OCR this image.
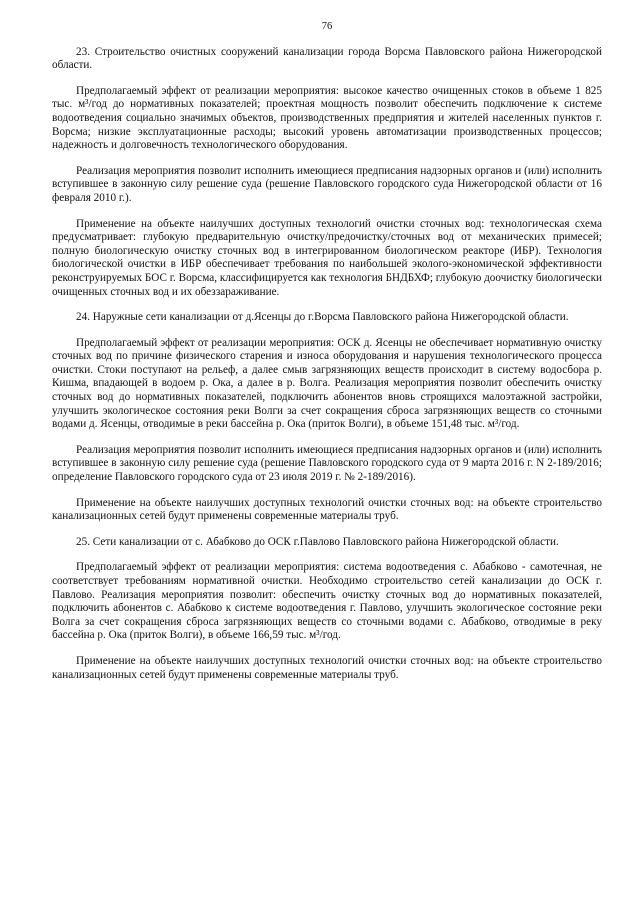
76

23. Строительство очистных сооружений канализации города Ворсма Павловского района Нижегородской области.

Предполагаемый эффект от реализации мероприятия: высокое качество очищенных стоков в объеме 1 825 тыс. м³/год до нормативных показателей; проектная мощность позволит обеспечить подключение к системе водоотведения социально значимых объектов, производственных предприятия и жителей населенных пунктов г. Ворсма; низкие эксплуатационные расходы; высокий уровень автоматизации производственных процессов; надежность и долговечность технологического оборудования.

Реализация мероприятия позволит исполнить имеющиеся предписания надзорных органов и (или) исполнить вступившее в законную силу решение суда (решение Павловского городского суда Нижегородской области от 16 февраля 2010 г.).

Применение на объекте наилучших доступных технологий очистки сточных вод: технологическая схема предусматривает: глубокую предварительную очистку/предочистку/сточных вод от механических примесей; полную биологическую очистку сточных вод в интегрированном биологическом реакторе (ИБР). Технология биологической очистки в ИБР обеспечивает требования по наибольшей эколого-экономической эффективности реконструируемых БОС г. Ворсма, классифицируется как технология БНДБХФ; глубокую доочистку биологически очищенных сточных вод и их обеззараживание.

24. Наружные сети канализации от д.Ясенцы до г.Ворсма Павловского района Нижегородской области.

Предполагаемый эффект от реализации мероприятия: ОСК д. Ясенцы не обеспечивает нормативную очистку сточных вод по причине физического старения и износа оборудования и нарушения технологического процесса очистки. Стоки поступают на рельеф, а далее смыв загрязняющих веществ происходит в систему водосбора р. Кишма, впадающей в водоем р. Ока, а далее в р. Волга. Реализация мероприятия позволит обеспечить очистку сточных вод до нормативных показателей, подключить абонентов вновь строящихся малоэтажной застройки, улучшить экологическое состояния реки Волги за счет сокращения сброса загрязняющих веществ со сточными водами д. Ясенцы, отводимые в реки бассейна р. Ока (приток Волги), в объеме 151,48 тыс. м³/год.

Реализация мероприятия позволит исполнить имеющиеся предписания надзорных органов и (или) исполнить вступившее в законную силу решение суда (решение Павловского городского суда от 9 марта 2016 г. N 2-189/2016; определение Павловского городского суда от 23 июля 2019 г. № 2-189/2016).

Применение на объекте наилучших доступных технологий очистки сточных вод: на объекте строительство канализационных сетей будут применены современные материалы труб.

25. Сети канализации от с. Абабково до ОСК г.Павлово Павловского района Нижегородской области.

Предполагаемый эффект от реализации мероприятия: система водоотведения с. Абабково - самотечная, не соответствует требованиям нормативной очистки. Необходимо строительство сетей канализации до ОСК г. Павлово. Реализация мероприятия позволит: обеспечить очистку сточных вод до нормативных показателей, подключить абонентов с. Абабково к системе водоотведения г. Павлово, улучшить экологическое состояние реки Волга за счет сокращения сброса загрязняющих веществ со сточными водами с. Абабково, отводимые в реку бассейна р. Ока (приток Волги), в объеме 166,59 тыс. м³/год.

Применение на объекте наилучших доступных технологий очистки сточных вод: на объекте строительство канализационных сетей будут применены современные материалы труб.
